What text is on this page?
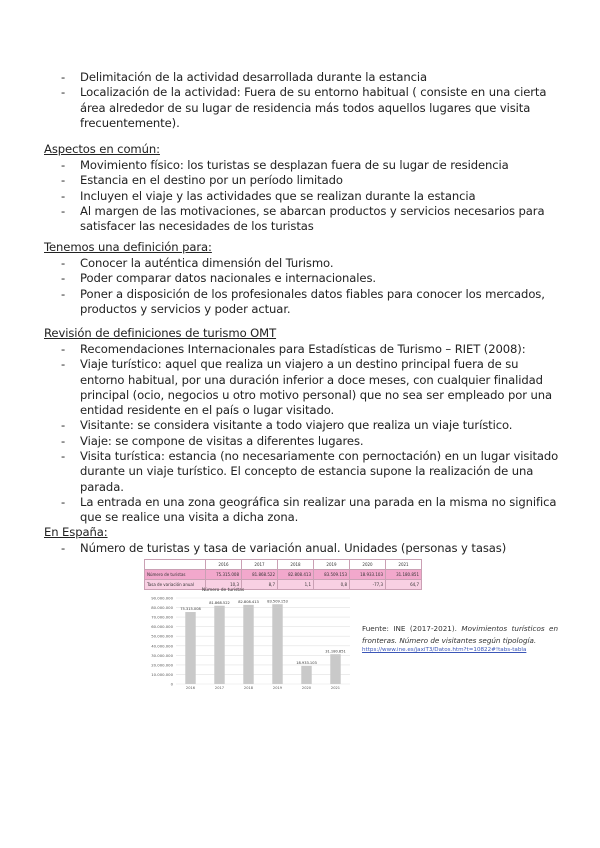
- Delimitación de la actividad desarrollada durante la estancia
- Localización de la actividad: Fuera de su entorno habitual ( consiste en una cierta área alrededor de su lugar de residencia más todos aquellos lugares que visita frecuentemente).
Aspectos en común:
- Movimiento físico: los turistas se desplazan fuera de su lugar de residencia
- Estancia en el destino por un período limitado
- Incluyen el viaje y las actividades que se realizan durante la estancia
- Al margen de las motivaciones, se abarcan productos y servicios necesarios para satisfacer las necesidades de los turistas
Tenemos una definición para:
- Conocer la auténtica dimensión del Turismo.
- Poder comparar datos nacionales e internacionales.
- Poner a disposición de los profesionales datos fiables para conocer los mercados, productos y servicios y poder actuar.
Revisión de definiciones de turismo OMT
- Recomendaciones Internacionales para Estadísticas de Turismo – RIET (2008):
- Viaje turístico: aquel que realiza un viajero a un destino principal fuera de su entorno habitual, por una duración inferior a doce meses, con cualquier finalidad principal (ocio, negocios u otro motivo personal) que no sea ser empleado por una entidad residente en el país o lugar visitado.
- Visitante: se considera visitante a todo viajero que realiza un viaje turístico.
- Viaje: se compone de visitas a diferentes lugares.
- Visita turística: estancia (no necesariamente con pernoctación) en un lugar visitado durante un viaje turístico. El concepto de estancia supone la realización de una parada.
- La entrada en una zona geográfica sin realizar una parada en la misma no significa que se realice una visita a dicha zona.
En España:
- Número de turistas y tasa de variación anual. Unidades (personas y tasas)
	2016	2017	2018	2019	2020	2021
Número de turistas	75.315.008	81.868.522	82.808.413	83.509.153	18.933.103	31.180.851
Tasa de variación anual	10,3	8,7	1,1	0,8	-77,3	64,7
0
10.000.000
20.000.000
30.000.000
40.000.000
50.000.000
60.000.000
70.000.000
80.000.000
90.000.000
Número de turistas
75.315.008
2016
81.868.522
2017
82.808.413
2018
83.509.153
2019
18.933.103
2020
31.180.851
2021
Fuente: INE (2017-2021). Movimientos turísticos en fronteras. Número de visitantes según tipología.
https://www.ine.es/jaxiT3/Datos.htm?t=10822#!tabs-tabla
